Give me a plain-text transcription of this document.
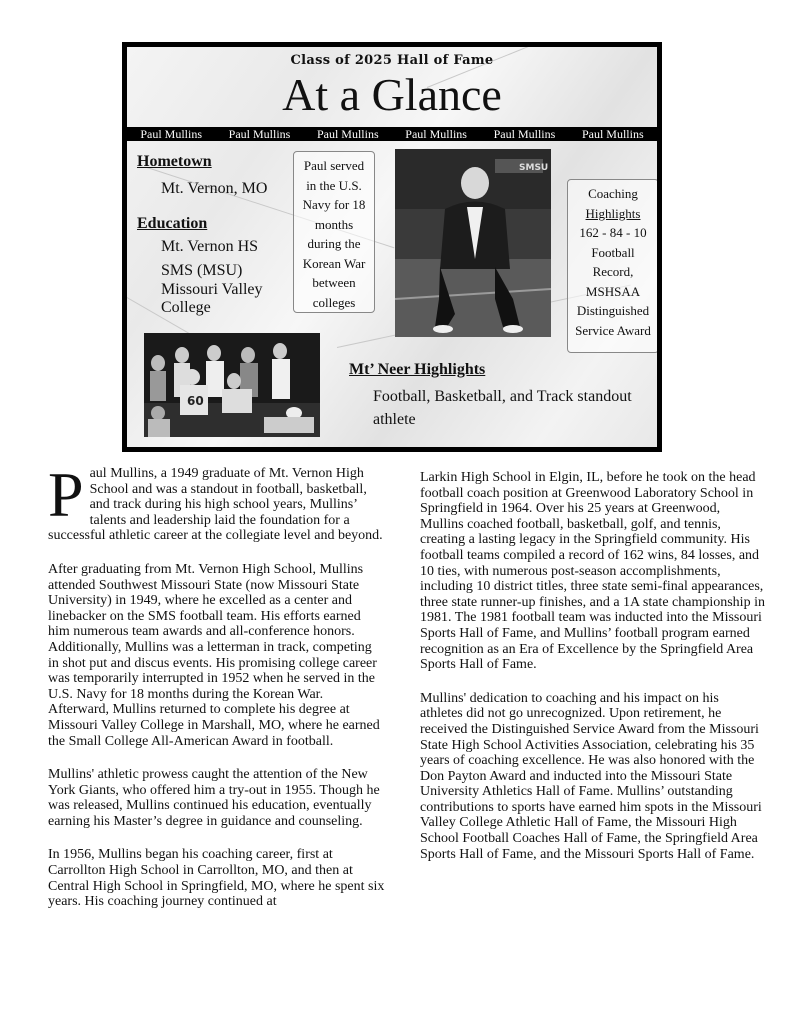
Class of 2025 Hall of Fame
At a Glance
Paul Mullins Paul Mullins Paul Mullins Paul Mullins Paul Mullins Paul Mullins
Hometown
Mt. Vernon, MO
Education
Mt. Vernon HS
SMS (MSU)
Missouri Valley College
Paul served in the U.S. Navy for 18 months during the Korean War between colleges
SMSU
Coaching
Highlights
162 - 84 - 10
Football Record, MSHSAA Distinguished Service Award
60
Mt’ Neer Highlights
Football, Basketball, and Track standout athlete

Paul Mullins, a 1949 graduate of Mt. Vernon High School and was a standout in football, basketball, and track during his high school years, Mullins’ talents and leadership laid the foundation for a successful athletic career at the collegiate level and beyond.

After graduating from Mt. Vernon High School, Mullins attended Southwest Missouri State (now Missouri State University) in 1949, where he excelled as a center and linebacker on the SMS football team. His efforts earned him numerous team awards and all-conference honors. Additionally, Mullins was a letterman in track, competing in shot put and discus events. His promising college career was temporarily interrupted in 1952 when he served in the U.S. Navy for 18 months during the Korean War. Afterward, Mullins returned to complete his degree at Missouri Valley College in Marshall, MO, where he earned the Small College All-American Award in football.

Mullins' athletic prowess caught the attention of the New York Giants, who offered him a try-out in 1955. Though he was released, Mullins continued his education, eventually earning his Master’s degree in guidance and counseling.

In 1956, Mullins began his coaching career, first at Carrollton High School in Carrollton, MO, and then at Central High School in Springfield, MO, where he spent six years. His coaching journey continued at

Larkin High School in Elgin, IL, before he took on the head football coach position at Greenwood Laboratory School in Springfield in 1964. Over his 25 years at Greenwood, Mullins coached football, basketball, golf, and tennis, creating a lasting legacy in the Springfield community. His football teams compiled a record of 162 wins, 84 losses, and 10 ties, with numerous post-season accomplishments, including 10 district titles, three state semi-final appearances, three state runner-up finishes, and a 1A state championship in 1981. The 1981 football team was inducted into the Missouri Sports Hall of Fame, and Mullins’ football program earned recognition as an Era of Excellence by the Springfield Area Sports Hall of Fame.

Mullins' dedication to coaching and his impact on his athletes did not go unrecognized. Upon retirement, he received the Distinguished Service Award from the Missouri State High School Activities Association, celebrating his 35 years of coaching excellence. He was also honored with the Don Payton Award and inducted into the Missouri State University Athletics Hall of Fame. Mullins’ outstanding contributions to sports have earned him spots in the Missouri Valley College Athletic Hall of Fame, the Missouri High School Football Coaches Hall of Fame, the Springfield Area Sports Hall of Fame, and the Missouri Sports Hall of Fame.
